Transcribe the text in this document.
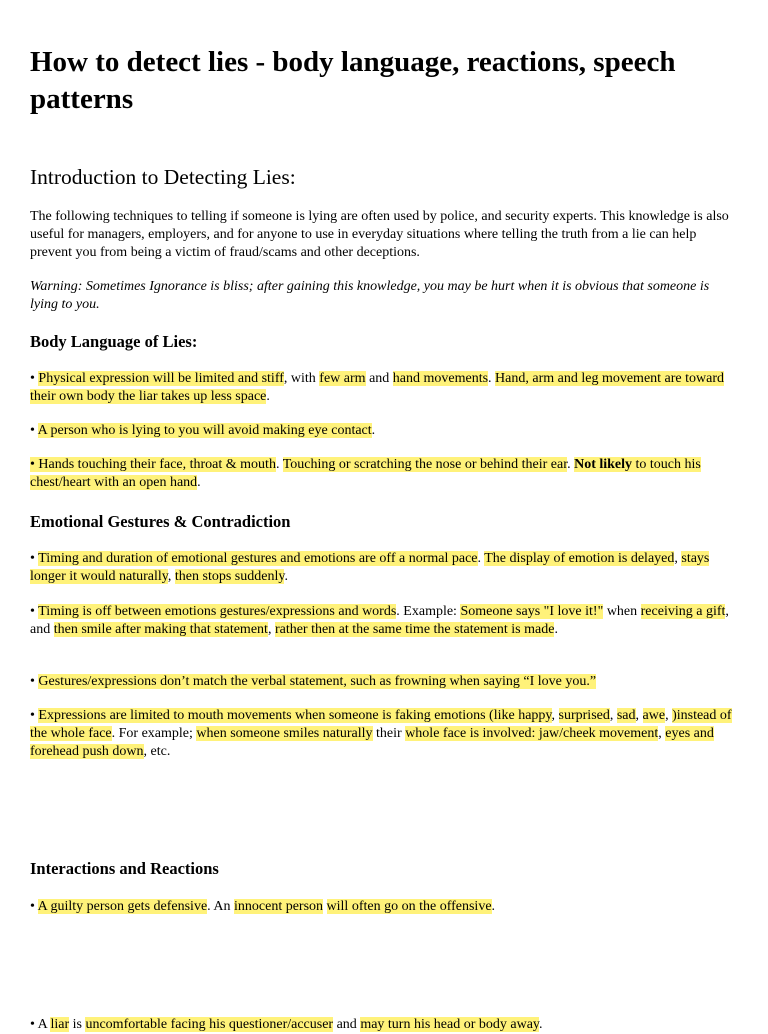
How to detect lies - body language, reactions, speech patterns
Introduction to Detecting Lies:

The following techniques to telling if someone is lying are often used by police, and security experts. This knowledge is also useful for managers, employers, and for anyone to use in everyday situations where telling the truth from a lie can help prevent you from being a victim of fraud/scams and other deceptions.

Warning: Sometimes Ignorance is bliss; after gaining this knowledge, you may be hurt when it is obvious that someone is lying to you.

Body Language of Lies:

• Physical expression will be limited and stiff, with few arm and hand movements. Hand, arm and leg movement are toward their own body the liar takes up less space.

• A person who is lying to you will avoid making eye contact.

• Hands touching their face, throat & mouth. Touching or scratching the nose or behind their ear. Not likely to touch his chest/heart with an open hand.

Emotional Gestures & Contradiction

• Timing and duration of emotional gestures and emotions are off a normal pace. The display of emotion is delayed, stays longer it would naturally, then stops suddenly.

• Timing is off between emotions gestures/expressions and words. Example: Someone says "I love it!" when receiving a gift, and then smile after making that statement, rather then at the same time the statement is made.

• Gestures/expressions don’t match the verbal statement, such as frowning when saying “I love you.”

• Expressions are limited to mouth movements when someone is faking emotions (like happy, surprised, sad, awe, )instead of the whole face. For example; when someone smiles naturally their whole face is involved: jaw/cheek movement, eyes and forehead push down, etc.

Interactions and Reactions

• A guilty person gets defensive. An innocent person will often go on the offensive.

• A liar is uncomfortable facing his questioner/accuser and may turn his head or body away.
